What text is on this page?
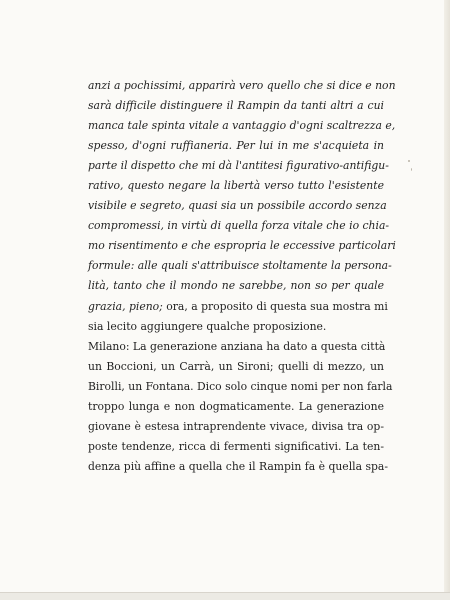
anzi a pochissimi, apparirà vero quello che si dice e non
sarà difficile distinguere il Rampin da tanti altri a cui
manca tale spinta vitale a vantaggio d'ogni scaltrezza e,
spesso, d'ogni ruffianeria. Per lui in me s'acquieta in
parte il dispetto che mi dà l'antitesi figurativo-antifigu-
rativo, questo negare la libertà verso tutto l'esistente
visibile e segreto, quasi sia un possibile accordo senza
compromessi, in virtù di quella forza vitale che io chia-
mo risentimento e che espropria le eccessive particolari
formule: alle quali s'attribuisce stoltamente la persona-
lità, tanto che il mondo ne sarebbe, non so per quale
grazia, pieno; ora, a proposito di questa sua mostra mi
sia lecito aggiungere qualche proposizione.
Milano: La generazione anziana ha dato a questa città
un Boccioni, un Carrà, un Sironi; quelli di mezzo, un
Birolli, un Fontana. Dico solo cinque nomi per non farla
troppo lunga e non dogmaticamente. La generazione
giovane è estesa intraprendente vivace, divisa tra op-
poste tendenze, ricca di fermenti significativi. La ten-
denza più affine a quella che il Rampin fa è quella spa-
